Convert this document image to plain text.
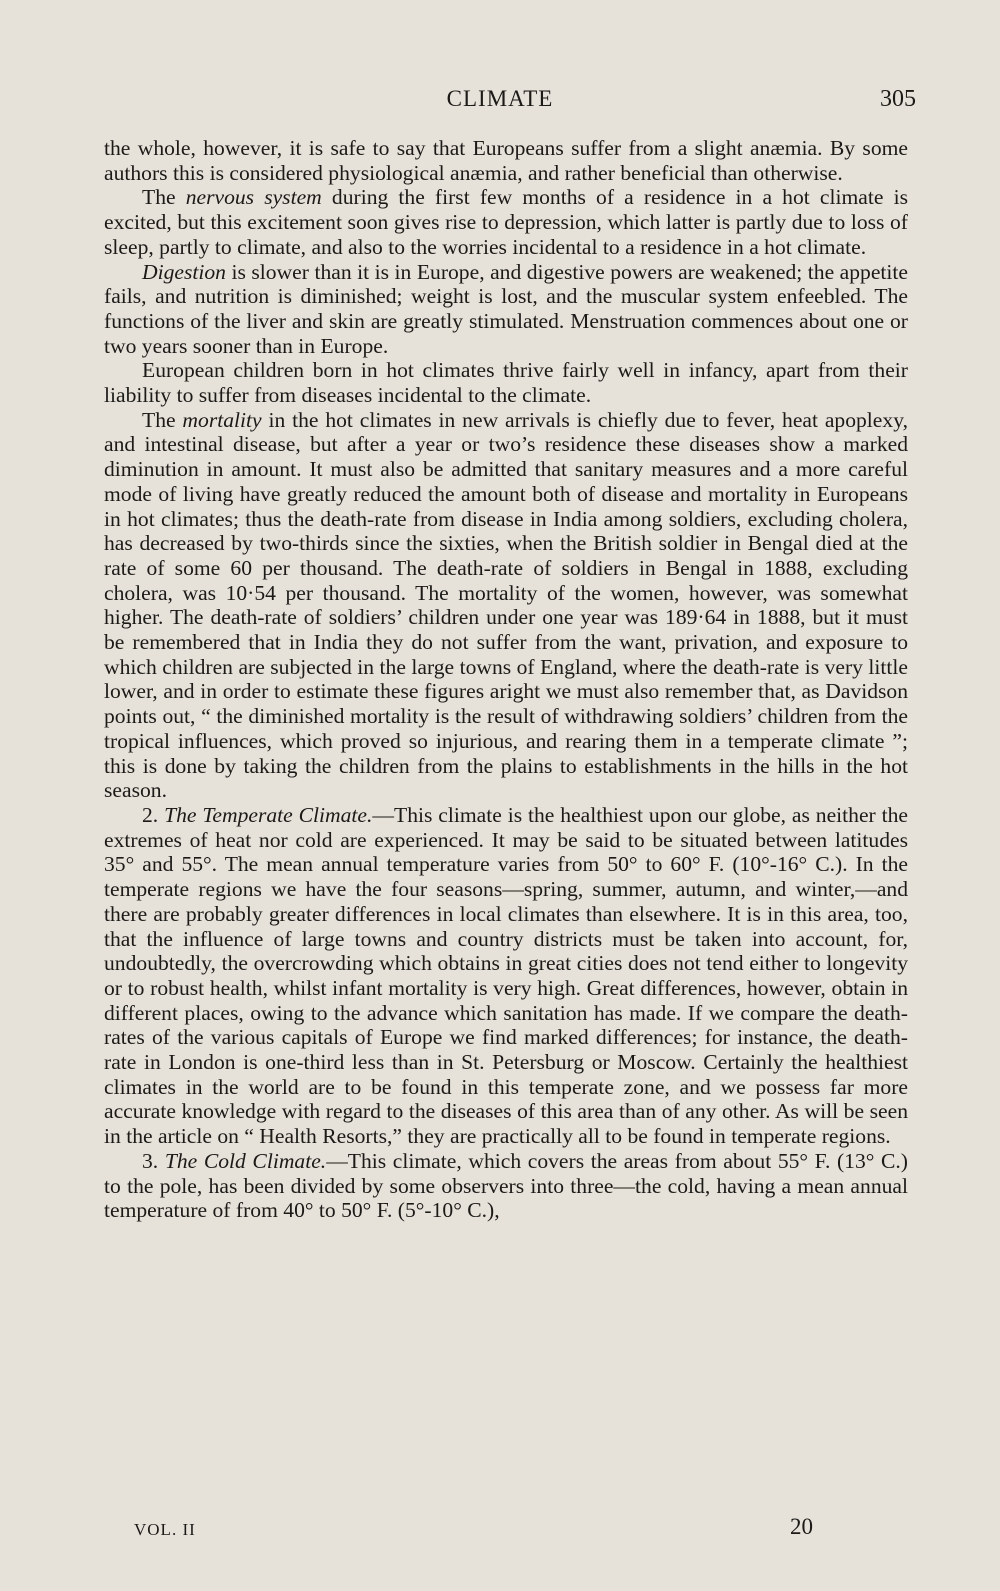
CLIMATE	305

the whole, however, it is safe to say that Europeans suffer from a slight anæmia. By some authors this is considered physiological anæmia, and rather beneficial than otherwise.

The nervous system during the first few months of a residence in a hot climate is excited, but this excitement soon gives rise to depression, which latter is partly due to loss of sleep, partly to climate, and also to the worries incidental to a residence in a hot climate.

Digestion is slower than it is in Europe, and digestive powers are weakened; the appetite fails, and nutrition is diminished; weight is lost, and the muscular system enfeebled. The functions of the liver and skin are greatly stimulated. Menstruation commences about one or two years sooner than in Europe.

European children born in hot climates thrive fairly well in infancy, apart from their liability to suffer from diseases incidental to the climate.

The mortality in the hot climates in new arrivals is chiefly due to fever, heat apoplexy, and intestinal disease, but after a year or two’s residence these diseases show a marked diminution in amount. It must also be admitted that sanitary measures and a more careful mode of living have greatly reduced the amount both of disease and mortality in Europeans in hot climates; thus the death-rate from disease in India among soldiers, excluding cholera, has decreased by two-thirds since the sixties, when the British soldier in Bengal died at the rate of some 60 per thousand. The death-rate of soldiers in Bengal in 1888, excluding cholera, was 10·54 per thousand. The mortality of the women, however, was somewhat higher. The death-rate of soldiers’ children under one year was 189·64 in 1888, but it must be remembered that in India they do not suffer from the want, privation, and exposure to which children are subjected in the large towns of England, where the death-rate is very little lower, and in order to estimate these figures aright we must also remember that, as Davidson points out, “ the diminished mortality is the result of withdrawing soldiers’ children from the tropical influences, which proved so injurious, and rearing them in a temperate climate ”; this is done by taking the children from the plains to establishments in the hills in the hot season.

2. The Temperate Climate.—This climate is the healthiest upon our globe, as neither the extremes of heat nor cold are experienced. It may be said to be situated between latitudes 35° and 55°. The mean annual temperature varies from 50° to 60° F. (10°-16° C.). In the temperate regions we have the four seasons—spring, summer, autumn, and winter,—and there are probably greater differences in local climates than elsewhere. It is in this area, too, that the influence of large towns and country districts must be taken into account, for, undoubtedly, the overcrowding which obtains in great cities does not tend either to longevity or to robust health, whilst infant mortality is very high. Great differences, however, obtain in different places, owing to the advance which sanitation has made. If we compare the death-rates of the various capitals of Europe we find marked differences; for instance, the death-rate in London is one-third less than in St. Petersburg or Moscow. Certainly the healthiest climates in the world are to be found in this temperate zone, and we possess far more accurate knowledge with regard to the diseases of this area than of any other. As will be seen in the article on “ Health Resorts,” they are practically all to be found in temperate regions.

3. The Cold Climate.—This climate, which covers the areas from about 55° F. (13° C.) to the pole, has been divided by some observers into three—the cold, having a mean annual temperature of from 40° to 50° F. (5°-10° C.),

VOL. II	20
